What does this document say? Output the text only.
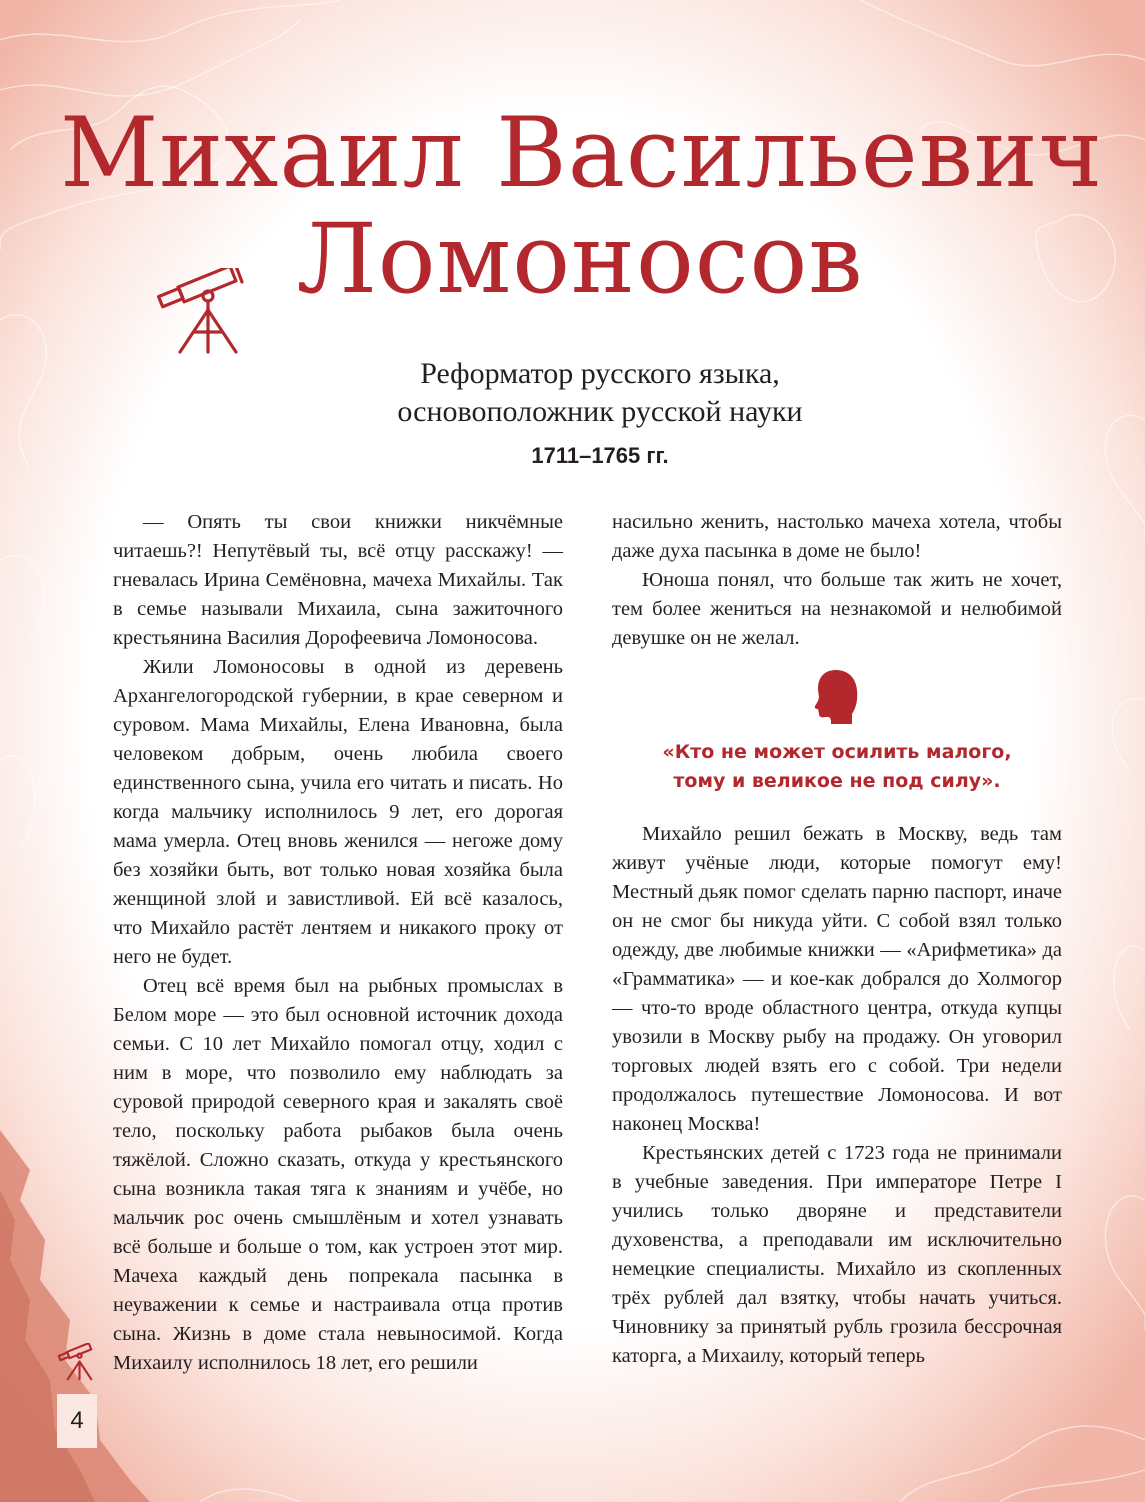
Михаил Васильевич
Ломоносов
Реформатор русского языка,
основоположник русской науки
1711–1765 гг.

— Опять ты свои книжки никчёмные читаешь?! Непутёвый ты, всё отцу расскажу! — гневалась Ирина Семёновна, мачеха Михайлы. Так в семье называли Михаила, сына зажиточного крестьянина Василия Дорофеевича Ломоносова.

Жили Ломоносовы в одной из деревень Архангелогородской губернии, в крае северном и суровом. Мама Михайлы, Елена Ивановна, была человеком добрым, очень любила своего единственного сына, учила его читать и писать. Но когда мальчику исполнилось 9 лет, его дорогая мама умерла. Отец вновь женился — негоже дому без хозяйки быть, вот только новая хозяйка была женщиной злой и завистливой. Ей всё казалось, что Михайло растёт лентяем и никакого проку от него не будет.

Отец всё время был на рыбных промыслах в Белом море — это был основной источник дохода семьи. С 10 лет Михайло помогал отцу, ходил с ним в море, что позволило ему наблюдать за суровой природой северного края и закалять своё тело, поскольку работа рыбаков была очень тяжёлой. Сложно сказать, откуда у крестьянского сына возникла такая тяга к знаниям и учёбе, но мальчик рос очень смышлёным и хотел узнавать всё больше и больше о том, как устроен этот мир. Мачеха каждый день попрекала пасынка в неуважении к семье и настраивала отца против сына. Жизнь в доме стала невыносимой. Когда Михаилу исполнилось 18 лет, его решили

насильно женить, настолько мачеха хотела, чтобы даже духа пасынка в доме не было!

Юноша понял, что больше так жить не хочет, тем более жениться на незнакомой и нелюбимой девушке он не желал.

«Кто не может осилить малого,
тому и великое не под силу».

Михайло решил бежать в Москву, ведь там живут учёные люди, которые помогут ему! Местный дьяк помог сделать парню паспорт, иначе он не смог бы никуда уйти. С собой взял только одежду, две любимые книжки — «Арифметика» да «Грамматика» — и кое-как добрался до Холмогор — что-то вроде областного центра, откуда купцы увозили в Москву рыбу на продажу. Он уговорил торговых людей взять его с собой. Три недели продолжалось путешествие Ломоносова. И вот наконец Москва!

Крестьянских детей с 1723 года не принимали в учебные заведения. При императоре Петре I учились только дворяне и представители духовенства, а преподавали им исключительно немецкие специалисты. Михайло из скопленных трёх рублей дал взятку, чтобы начать учиться. Чиновнику за принятый рубль грозила бессрочная каторга, а Михаилу, который теперь

4
